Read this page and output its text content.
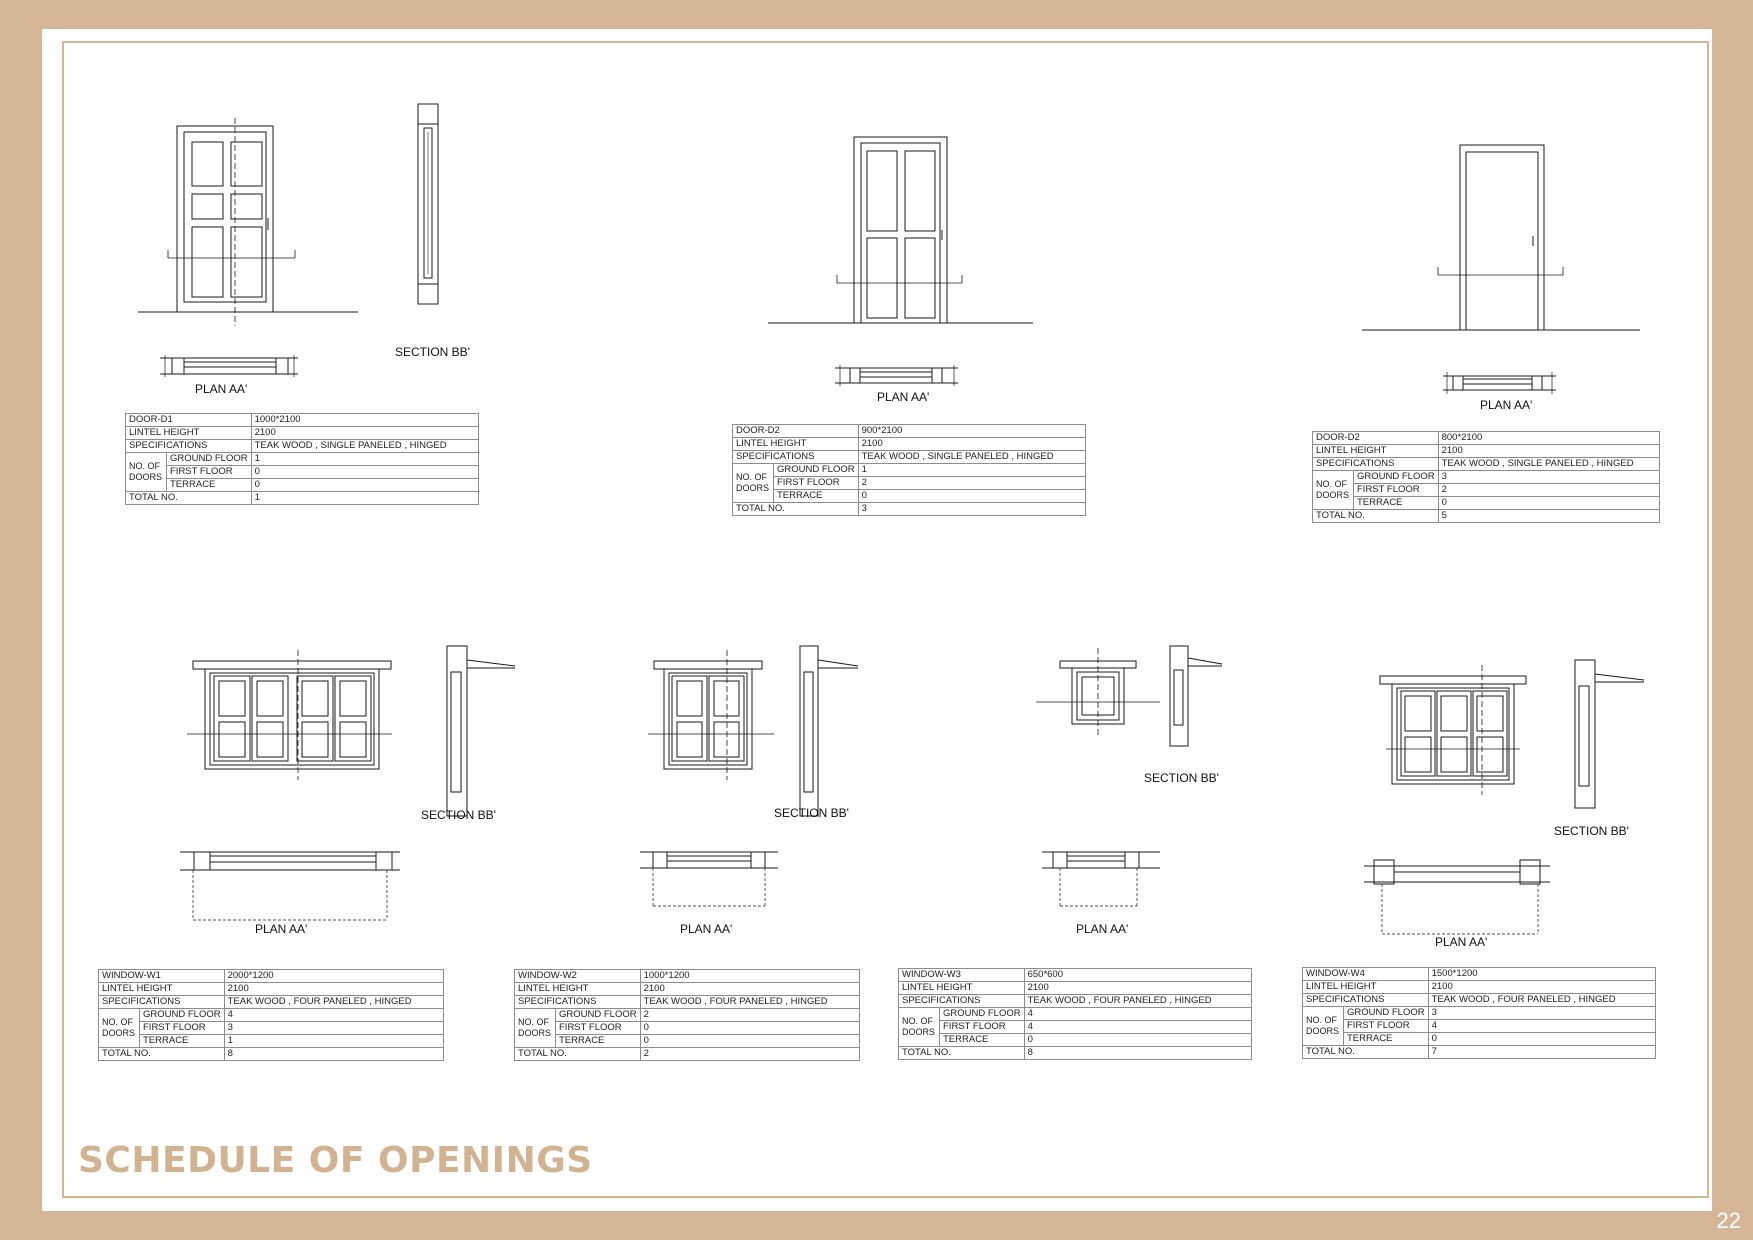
PLAN AA'
SECTION BB'
PLAN AA'
PLAN AA'
SECTION BB'
PLAN AA'
SECTION BB'
PLAN AA'
SECTION BB'
PLAN AA'
SECTION BB'
PLAN AA'
DOOR-D1		1000*2100
LINTEL HEIGHT		2100
SPECIFICATIONS		TEAK WOOD , SINGLE PANELED , HINGED
NO. OF DOORS	GROUND FLOOR	1
	FIRST FLOOR	0
	TERRACE	0
TOTAL NO.		1
DOOR-D2		900*2100
LINTEL HEIGHT		2100
SPECIFICATIONS		TEAK WOOD , SINGLE PANELED , HINGED
NO. OF DOORS	GROUND FLOOR	1
	FIRST FLOOR	2
	TERRACE	0
TOTAL NO.		3
DOOR-D2		800*2100
LINTEL HEIGHT		2100
SPECIFICATIONS		TEAK WOOD , SINGLE PANELED , HINGED
NO. OF DOORS	GROUND FLOOR	3
	FIRST FLOOR	2
	TERRACE	0
TOTAL NO.		5
WINDOW-W1		2000*1200
LINTEL HEIGHT		2100
SPECIFICATIONS		TEAK WOOD , FOUR PANELED , HINGED
NO. OF DOORS	GROUND FLOOR	4
	FIRST FLOOR	3
	TERRACE	1
TOTAL NO.		8
WINDOW-W2		1000*1200
LINTEL HEIGHT		2100
SPECIFICATIONS		TEAK WOOD , FOUR PANELED , HINGED
NO. OF DOORS	GROUND FLOOR	2
	FIRST FLOOR	0
	TERRACE	0
TOTAL NO.		2
WINDOW-W3		650*600
LINTEL HEIGHT		2100
SPECIFICATIONS		TEAK WOOD , FOUR PANELED , HINGED
NO. OF DOORS	GROUND FLOOR	4
	FIRST FLOOR	4
	TERRACE	0
TOTAL NO.		8
WINDOW-W4		1500*1200
LINTEL HEIGHT		2100
SPECIFICATIONS		TEAK WOOD , FOUR PANELED , HINGED
NO. OF DOORS	GROUND FLOOR	3
	FIRST FLOOR	4
	TERRACE	0
TOTAL NO.		7
SCHEDULE OF OPENINGS
22
